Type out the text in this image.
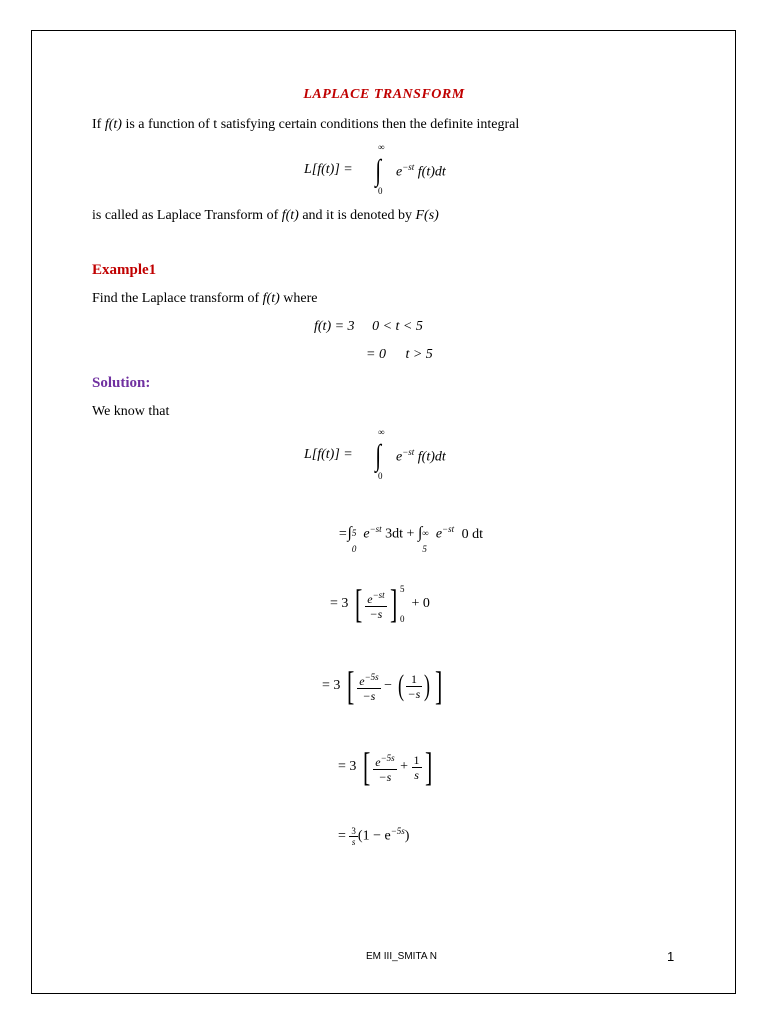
LAPLACE TRANSFORM
If f(t) is a function of t satisfying certain conditions then the definite integral
L[f(t)] = ∫
∞
0
$e^{-st}$ f(t)dt
is called as Laplace Transform of f(t) and it is denoted by F(s)
Example1
Find the Laplace transform of f(t) where
f(t) = 3 0 < t < 5
= 0 t > 5
Solution:
We know that
L[f(t)] = ∫
∞
0
$e^{-st}$ f(t)dt
=∫ 5
0
$e^{-st}$ 3dt + ∫ ∞
5
$e^{-st}$ 0 dt
= 3 [ $\frac{e^{-st}}{-s}$ ] 5
0
+ 0
= 3 [ $\frac{e^{-5s}}{-s}$ − ( $\frac{1}{-s}$ ) ]
= 3 [ $\frac{e^{-5s}}{-s} + \frac{1}{s}$ ]
= $\frac{3}{s} (1 - e^{-5s})$
EM III_SMITA N	1
